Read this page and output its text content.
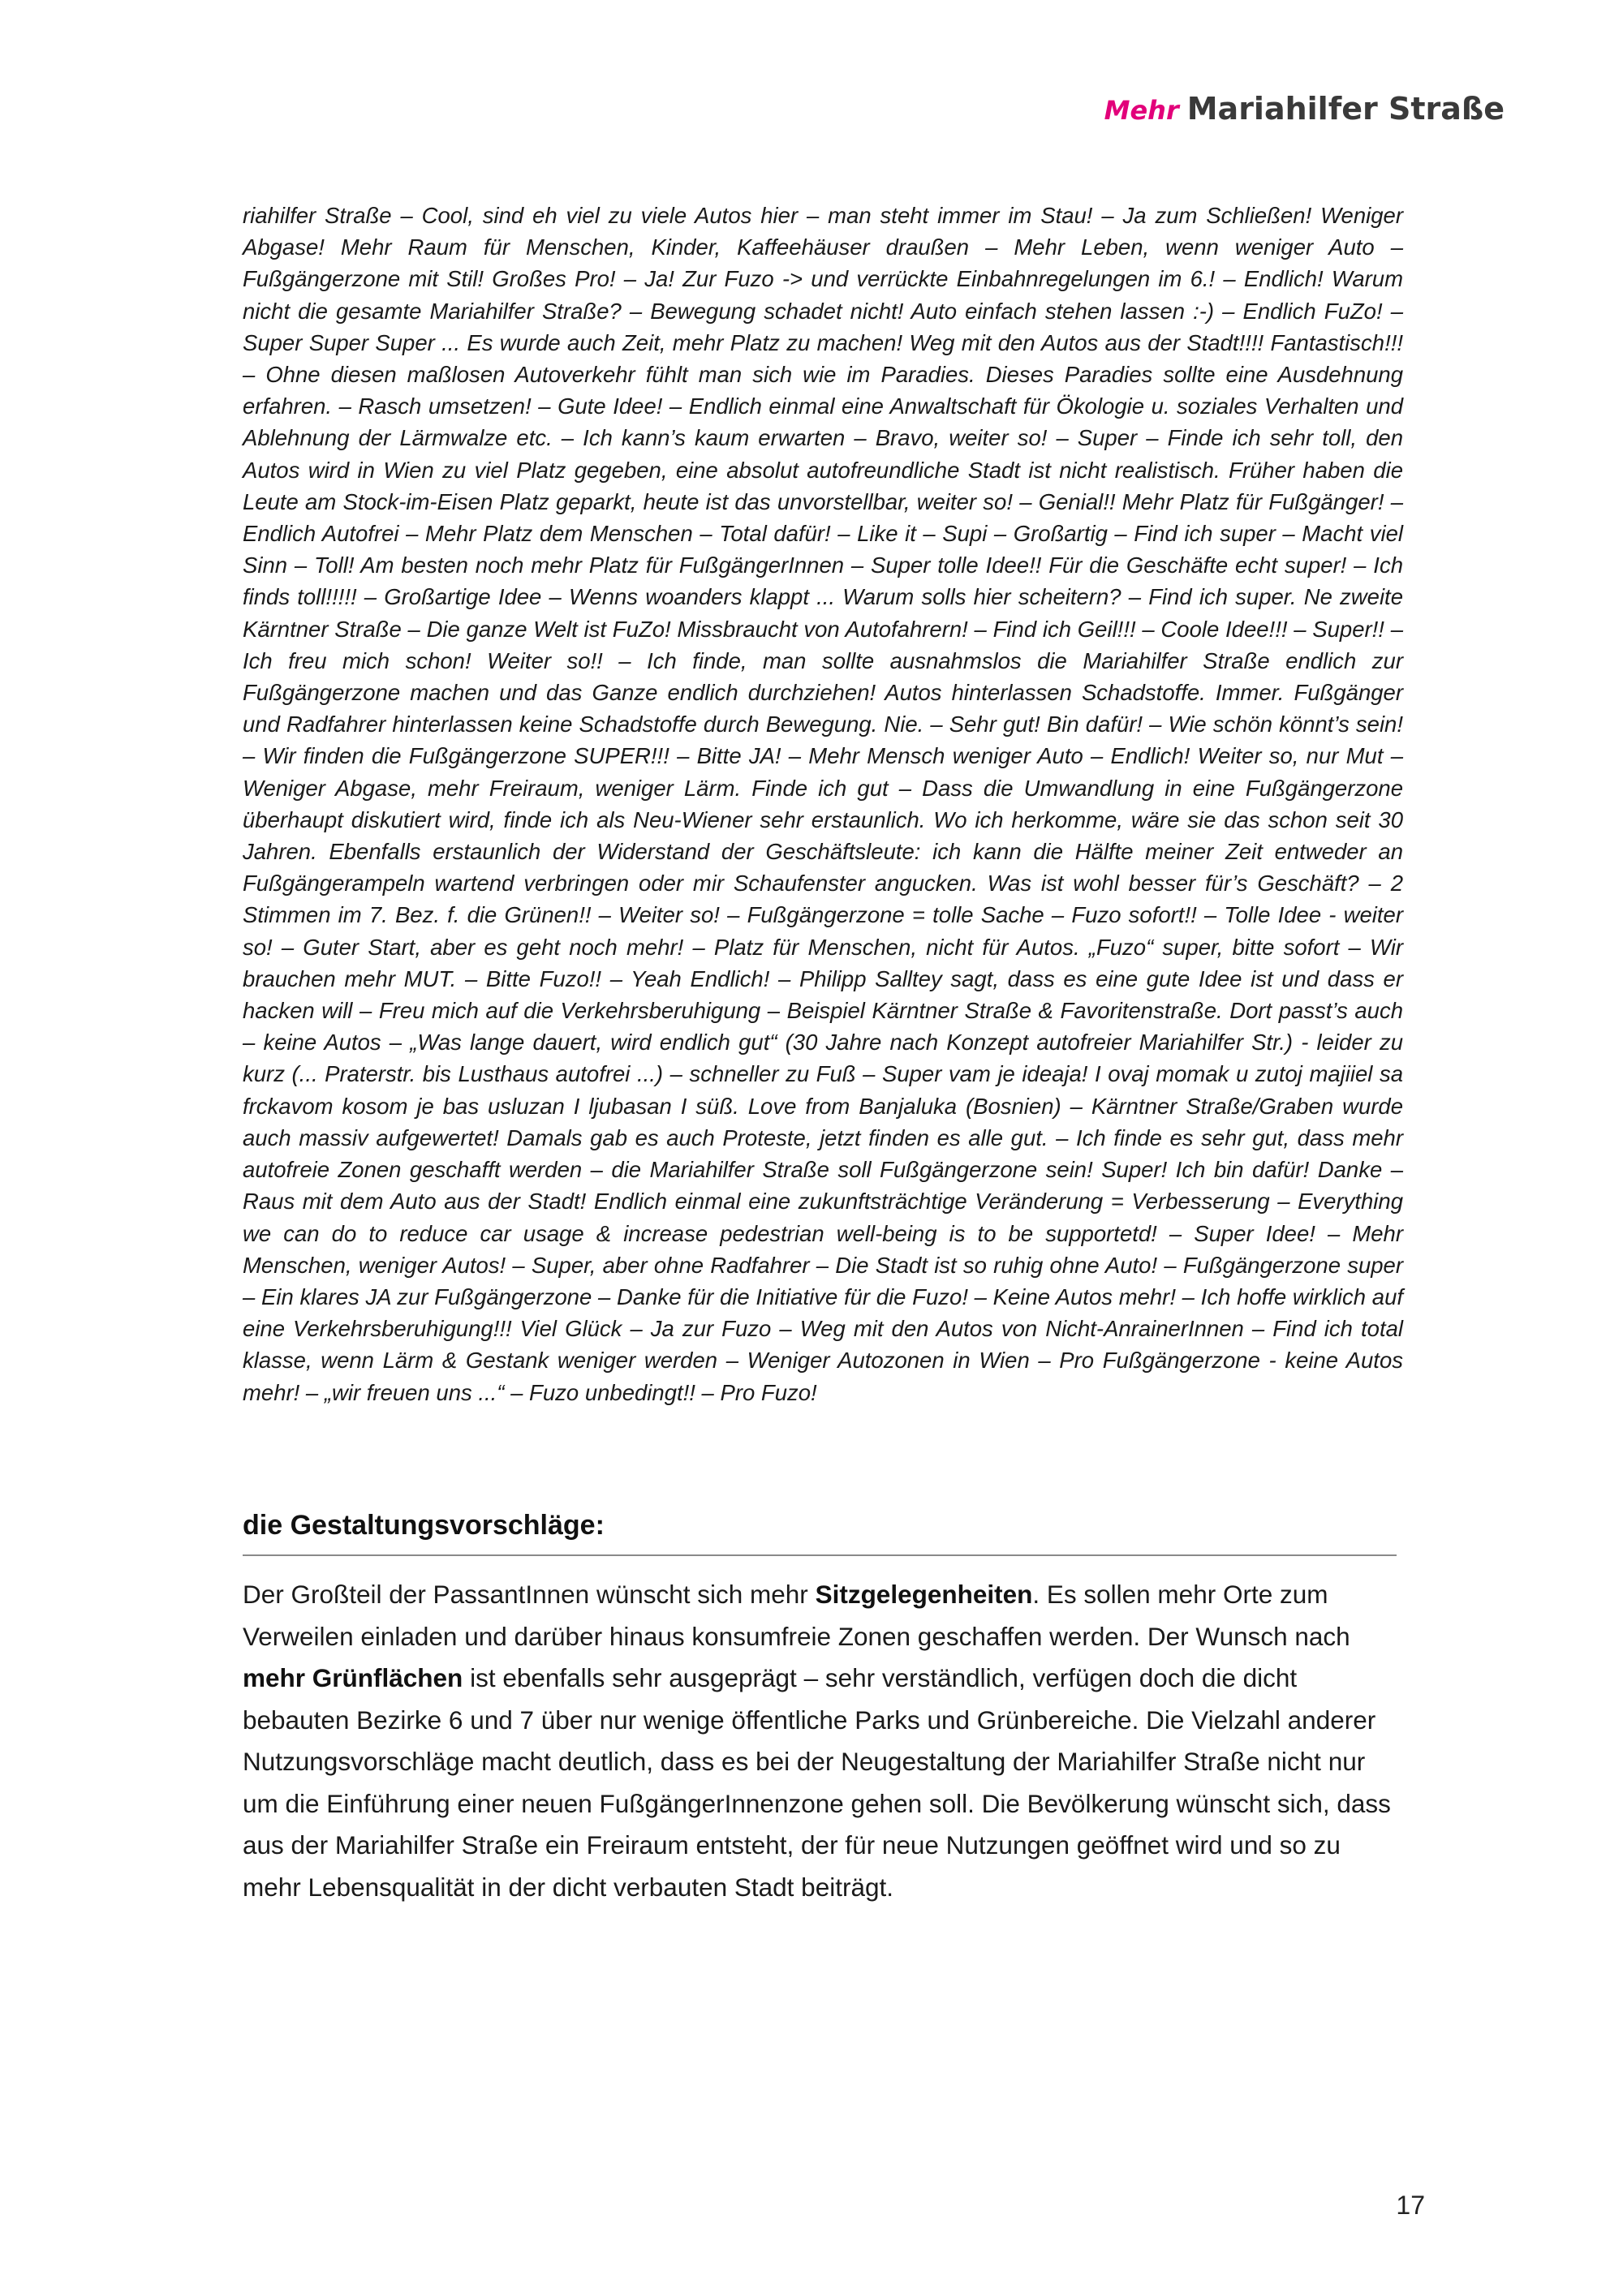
Mehr Mariahilfer Straße

riahilfer Straße – Cool, sind eh viel zu viele Autos hier – man steht immer im Stau! – Ja zum Schließen! Weniger Abgase! Mehr Raum für Menschen, Kinder, Kaffeehäuser draußen – Mehr Leben, wenn weniger Auto – Fußgängerzone mit Stil! Großes Pro! – Ja! Zur Fuzo -> und verrückte Einbahnregelungen im 6.! – Endlich! Warum nicht die gesamte Mariahilfer Straße? – Bewegung schadet nicht! Auto einfach stehen lassen :-) – Endlich FuZo! – Super Super Super ... Es wurde auch Zeit, mehr Platz zu machen! Weg mit den Autos aus der Stadt!!!! Fantastisch!!! – Ohne diesen maßlosen Autoverkehr fühlt man sich wie im Paradies. Dieses Paradies sollte eine Ausdehnung erfahren. – Rasch umsetzen! – Gute Idee! – Endlich einmal eine Anwaltschaft für Ökologie u. soziales Verhalten und Ablehnung der Lärmwalze etc. – Ich kann’s kaum erwarten – Bravo, weiter so! – Super – Finde ich sehr toll, den Autos wird in Wien zu viel Platz gegeben, eine absolut autofreundliche Stadt ist nicht realistisch. Früher haben die Leute am Stock-im-Eisen Platz geparkt, heute ist das unvorstellbar, weiter so! – Genial!! Mehr Platz für Fußgänger! – Endlich Autofrei – Mehr Platz dem Menschen – Total dafür! – Like it – Supi – Großartig – Find ich super – Macht viel Sinn – Toll! Am besten noch mehr Platz für FußgängerInnen – Super tolle Idee!! Für die Geschäfte echt super! – Ich finds toll!!!!! – Großartige Idee – Wenns woanders klappt ... Warum solls hier scheitern? – Find ich super. Ne zweite Kärntner Straße – Die ganze Welt ist FuZo! Missbraucht von Autofahrern! – Find ich Geil!!! – Coole Idee!!! – Super!! – Ich freu mich schon! Weiter so!! – Ich finde, man sollte ausnahmslos die Mariahilfer Straße endlich zur Fußgängerzone machen und das Ganze endlich durchziehen! Autos hinterlassen Schadstoffe. Immer. Fußgänger und Radfahrer hinterlassen keine Schadstoffe durch Bewegung. Nie. – Sehr gut! Bin dafür! – Wie schön könnt’s sein! – Wir finden die Fußgängerzone SUPER!!! – Bitte JA! – Mehr Mensch weniger Auto – Endlich! Weiter so, nur Mut – Weniger Abgase, mehr Freiraum, weniger Lärm. Finde ich gut – Dass die Umwandlung in eine Fußgängerzone überhaupt diskutiert wird, finde ich als Neu-Wiener sehr erstaunlich. Wo ich herkomme, wäre sie das schon seit 30 Jahren. Ebenfalls erstaunlich der Widerstand der Geschäftsleute: ich kann die Hälfte meiner Zeit entweder an Fußgängerampeln wartend verbringen oder mir Schaufenster angucken. Was ist wohl besser für’s Geschäft? – 2 Stimmen im 7. Bez. f. die Grünen!! – Weiter so! – Fußgängerzone = tolle Sache – Fuzo sofort!! – Tolle Idee - weiter so! – Guter Start, aber es geht noch mehr! – Platz für Menschen, nicht für Autos. „Fuzo“ super, bitte sofort – Wir brauchen mehr MUT. – Bitte Fuzo!! – Yeah Endlich! – Philipp Salltey sagt, dass es eine gute Idee ist und dass er hacken will – Freu mich auf die Verkehrsberuhigung – Beispiel Kärntner Straße & Favoritenstraße. Dort passt’s auch – keine Autos – „Was lange dauert, wird endlich gut“ (30 Jahre nach Konzept autofreier Mariahilfer Str.) - leider zu kurz (... Praterstr. bis Lusthaus autofrei ...) – schneller zu Fuß – Super vam je ideaja! I ovaj momak u zutoj majiiel sa frckavom kosom je bas usluzan I ljubasan I süß. Love from Banjaluka (Bosnien) – Kärntner Straße/Graben wurde auch massiv aufgewertet! Damals gab es auch Proteste, jetzt finden es alle gut. – Ich finde es sehr gut, dass mehr autofreie Zonen geschafft werden – die Mariahilfer Straße soll Fußgängerzone sein! Super! Ich bin dafür! Danke – Raus mit dem Auto aus der Stadt! Endlich einmal eine zukunftsträchtige Veränderung = Verbesserung – Everything we can do to reduce car usage & increase pedestrian well-being is to be supportetd! – Super Idee! – Mehr Menschen, weniger Autos! – Super, aber ohne Radfahrer – Die Stadt ist so ruhig ohne Auto! – Fußgängerzone super – Ein klares JA zur Fußgängerzone – Danke für die Initiative für die Fuzo! – Keine Autos mehr! – Ich hoffe wirklich auf eine Verkehrsberuhigung!!! Viel Glück – Ja zur Fuzo – Weg mit den Autos von Nicht-AnrainerInnen – Find ich total klasse, wenn Lärm & Gestank weniger werden – Weniger Autozonen in Wien – Pro Fußgängerzone - keine Autos mehr! – „wir freuen uns ...“ – Fuzo unbedingt!! – Pro Fuzo!

die Gestaltungsvorschläge:

Der Großteil der PassantInnen wünscht sich mehr Sitzgelegenheiten. Es sollen mehr Orte zum Verweilen einladen und darüber hinaus konsumfreie Zonen geschaffen werden. Der Wunsch nach mehr Grünflächen ist ebenfalls sehr ausgeprägt – sehr verständlich, verfügen doch die dicht bebauten Bezirke 6 und 7 über nur wenige öffentliche Parks und Grünbereiche. Die Vielzahl anderer Nutzungsvorschläge macht deutlich, dass es bei der Neugestaltung der Mariahilfer Straße nicht nur um die Einführung einer neuen FußgängerInnenzone gehen soll. Die Bevölkerung wünscht sich, dass aus der Mariahilfer Straße ein Freiraum entsteht, der für neue Nutzungen geöffnet wird und so zu mehr Lebensqualität in der dicht verbauten Stadt beiträgt.

17
